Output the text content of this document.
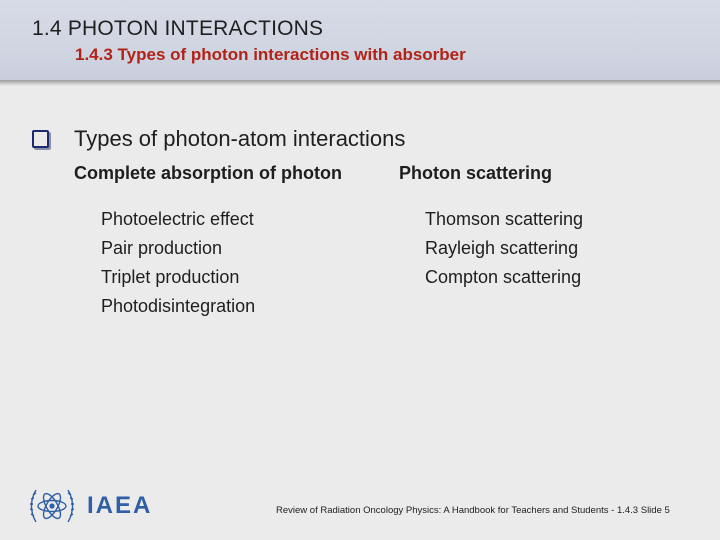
1.4 PHOTON INTERACTIONS
1.4.3 Types of photon interactions with absorber
Types of photon-atom interactions
Complete absorption of photon	Photon scattering
Photoelectric effect
Pair production
Triplet production
Photodisintegration
Thomson scattering
Rayleigh scattering
Compton scattering
IAEA	Review of Radiation Oncology Physics: A Handbook for Teachers and Students - 1.4.3 Slide 5
